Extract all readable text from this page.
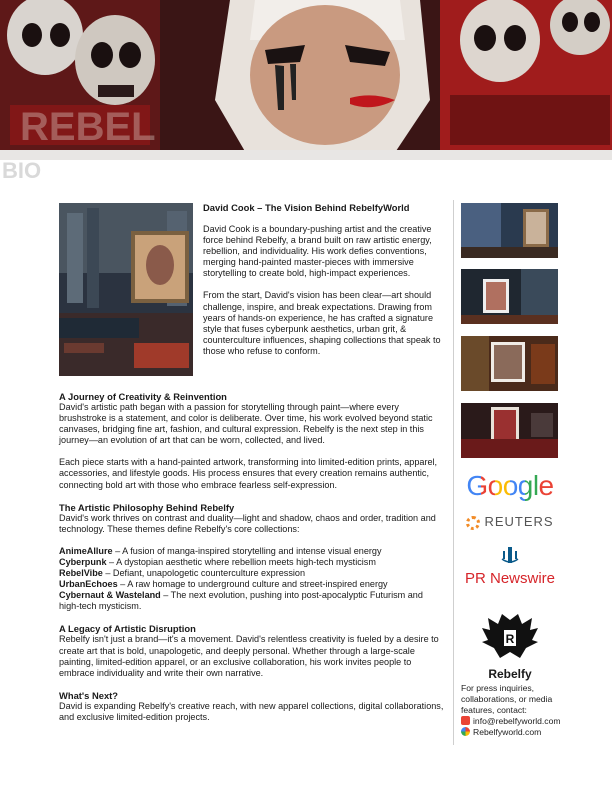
REBEL
BIO
David Cook – The Vision Behind RebelfyWorld

David Cook is a boundary-pushing artist and the creative force behind Rebelfy, a brand built on raw artistic energy, rebellion, and individuality. His work defies conventions, merging hand-painted master-pieces with immersive storytelling to create bold, high-impact experiences.

From the start, David's vision has been clear—art should challenge, inspire, and break expectations. Drawing from years of hands-on experience, he has crafted a signature style that fuses cyberpunk aesthetics, urban grit, & counterculture influences, shaping collections that speak to those who refuse to conform.

A Journey of Creativity & Reinvention

David's artistic path began with a passion for storytelling through paint—where every brushstroke is a statement, and color is deliberate. Over time, his work evolved beyond static canvases, bridging fine art, fashion, and cultural expression. Rebelfy is the next step in this journey—an evolution of art that can be worn, collected, and lived.

Each piece starts with a hand-painted artwork, transforming into limited-edition prints, apparel, accessories, and lifestyle goods. His process ensures that every creation remains authentic, connecting bold art with those who embrace fearless self-expression.

The Artistic Philosophy Behind Rebelfy

David's work thrives on contrast and duality—light and shadow, chaos and order, tradition and technology. These themes define Rebelfy's core collections:

AnimeAllure – A fusion of manga-inspired storytelling and intense visual energy
Cyberpunk – A dystopian aesthetic where rebellion meets high-tech mysticism
RebelVibe – Defiant, unapologetic counterculture expression
UrbanEchoes – A raw homage to underground culture and street-inspired energy
Cybernaut & Wasteland – The next evolution, pushing into post-apocalyptic Futurism and high-tech mysticism.
A Legacy of Artistic Disruption

Rebelfy isn't just a brand—it's a movement. David's relentless creativity is fueled by a desire to create art that is bold, unapologetic, and deeply personal. Whether through a large-scale painting, limited-edition apparel, or an exclusive collaboration, his work invites people to embrace individuality and write their own narrative.

What's Next?

David is expanding Rebelfy's creative reach, with new apparel collections, digital collaborations, and exclusive limited-edition projects.

Google
REUTERS
PR Newswire
R
Rebelfy
For press inquiries, collaborations, or media features, contact:
info@rebelfyworld.com
Rebelfyworld.com
